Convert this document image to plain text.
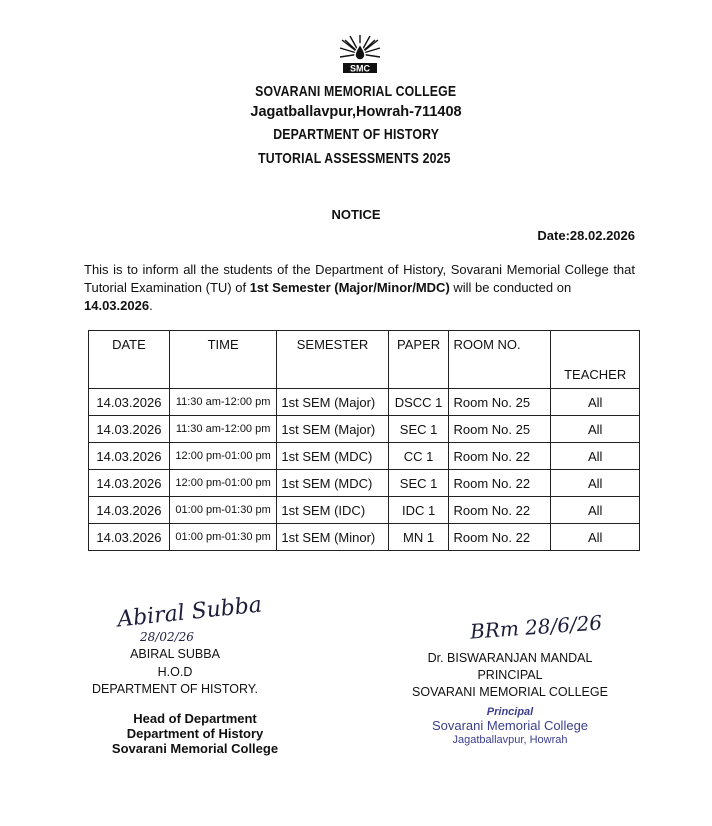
SMC
SOVARANI MEMORIAL COLLEGE
Jagatballavpur,Howrah-711408
DEPARTMENT OF HISTORY
TUTORIAL ASSESSMENTS 2025
NOTICE
Date:28.02.2026
This is to inform all the students of the Department of History, Sovarani Memorial College that Tutorial Examination (TU) of 1st Semester (Major/Minor/MDC) will be conducted on
14.03.2026.
DATE	TIME	SEMESTER	PAPER	ROOM NO.	TEACHER
14.03.2026	11:30 am-12:00 pm	1st SEM (Major)	DSCC 1	Room No. 25	All
14.03.2026	11:30 am-12:00 pm	1st SEM (Major)	SEC 1	Room No. 25	All
14.03.2026	12:00 pm-01:00 pm	1st SEM (MDC)	CC 1	Room No. 22	All
14.03.2026	12:00 pm-01:00 pm	1st SEM (MDC)	SEC 1	Room No. 22	All
14.03.2026	01:00 pm-01:30 pm	1st SEM (IDC)	IDC 1	Room No. 22	All
14.03.2026	01:00 pm-01:30 pm	1st SEM (Minor)	MN 1	Room No. 22	All
Abiral Subba
28/02/26
ABIRAL SUBBA
H.O.D
DEPARTMENT OF HISTORY.
Head of Department
Department of History
Sovarani Memorial College
BRm 28/6/26
Dr. BISWARANJAN MANDAL
PRINCIPAL
SOVARANI MEMORIAL COLLEGE
Principal
Sovarani Memorial College
Jagatballavpur, Howrah
